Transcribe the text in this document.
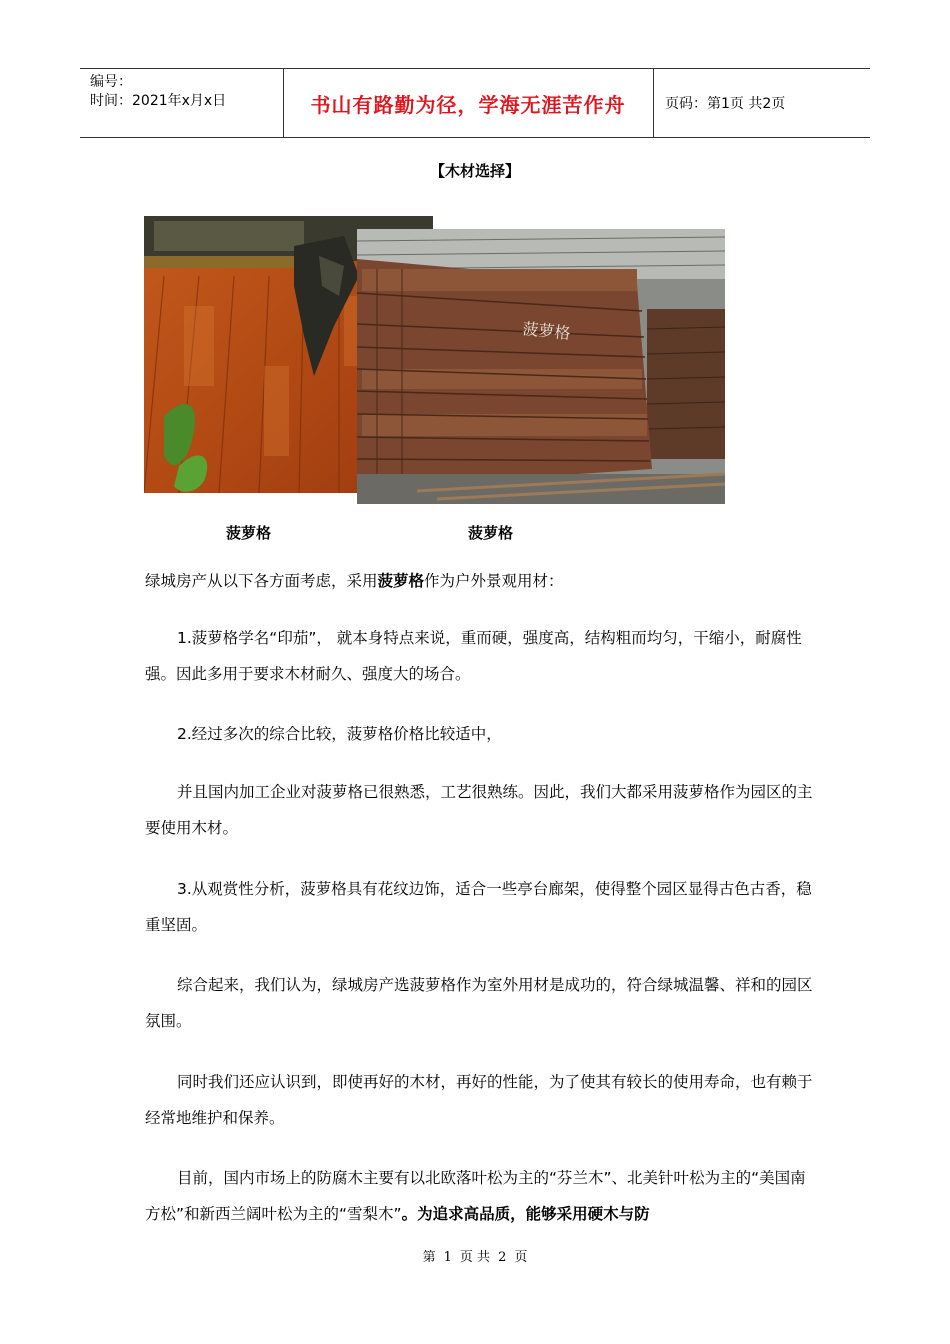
编号：
时间：2021年x月x日	书山有路勤为径，学海无涯苦作舟	页码：第1页 共2页
【木材选择】
菠萝格
菠萝格	菠萝格
绿城房产从以下各方面考虑，采用菠萝格作为户外景观用材：
1.菠萝格学名“印茄”， 就本身特点来说，重而硬，强度高，结构粗而均匀，干缩小，耐腐性强。因此多用于要求木材耐久、强度大的场合。
2.经过多次的综合比较，菠萝格价格比较适中，
并且国内加工企业对菠萝格已很熟悉，工艺很熟练。因此，我们大都采用菠萝格作为园区的主要使用木材。
3.从观赏性分析，菠萝格具有花纹边饰，适合一些亭台廊架，使得整个园区显得古色古香，稳重坚固。
综合起来，我们认为，绿城房产选菠萝格作为室外用材是成功的，符合绿城温馨、祥和的园区氛围。
同时我们还应认识到，即使再好的木材，再好的性能，为了使其有较长的使用寿命，也有赖于经常地维护和保养。
目前，国内市场上的防腐木主要有以北欧落叶松为主的“芬兰木”、北美针叶松为主的“美国南方松”和新西兰阔叶松为主的“雪梨木”。为追求高品质，能够采用硬木与防
第 1 页 共 2 页
